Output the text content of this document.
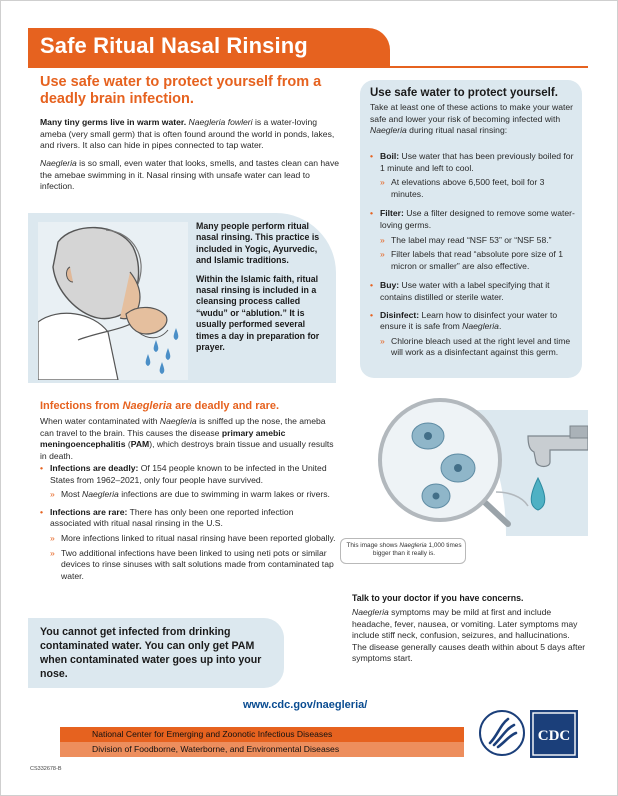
Safe Ritual Nasal Rinsing
Use safe water to protect yourself from a deadly brain infection.
Many tiny germs live in warm water. Naegleria fowleri is a water-loving ameba (very small germ) that is often found around the world in ponds, lakes, and rivers. It also can hide in pipes connected to tap water.
Naegleria is so small, even water that looks, smells, and tastes clean can have the amebae swimming in it. Nasal rinsing with unsafe water can lead to infection.
Many people perform ritual nasal rinsing. This practice is included in Yogic, Ayurvedic, and Islamic traditions.
Within the Islamic faith, ritual nasal rinsing is included in a cleansing process called “wudu” or “ablution.” It is usually performed several times a day in preparation for prayer.
Use safe water to protect yourself.
Take at least one of these actions to make your water safe and lower your risk of becoming infected with Naegleria during ritual nasal rinsing:
• Boil: Use water that has been previously boiled for 1 minute and left to cool.
» At elevations above 6,500 feet, boil for 3 minutes.
• Filter: Use a filter designed to remove some water-loving germs.
» The label may read “NSF 53” or “NSF 58.”
» Filter labels that read “absolute pore size of 1 micron or smaller” are also effective.
• Buy: Use water with a label specifying that it contains distilled or sterile water.
• Disinfect: Learn how to disinfect your water to ensure it is safe from Naegleria.
» Chlorine bleach used at the right level and time will work as a disinfectant against this germ.
Infections from Naegleria are deadly and rare.
When water contaminated with Naegleria is sniffed up the nose, the ameba can travel to the brain. This causes the disease primary amebic meningoencephalitis (PAM), which destroys brain tissue and usually results in death.
• Infections are deadly: Of 154 people known to be infected in the United States from 1962–2021, only four people have survived.
» Most Naegleria infections are due to swimming in warm lakes or rivers.
• Infections are rare: There has only been one reported infection associated with ritual nasal rinsing in the U.S.
» More infections linked to ritual nasal rinsing have been reported globally.
» Two additional infections have been linked to using neti pots or similar devices to rinse sinuses with salt solutions made from contaminated tap water.
You cannot get infected from drinking contaminated water. You can only get PAM when contaminated water goes up into your nose.
This image shows Naegleria 1,000 times bigger than it really is.
Talk to your doctor if you have concerns.
Naegleria symptoms may be mild at first and include headache, fever, nausea, or vomiting. Later symptoms may include stiff neck, confusion, seizures, and hallucinations. The disease generally causes death within about 5 days after symptoms start.
www.cdc.gov/naegleria/
National Center for Emerging and Zoonotic Infectious Diseases
Division of Foodborne, Waterborne, and Environmental Diseases
CDC
CS332678-B
